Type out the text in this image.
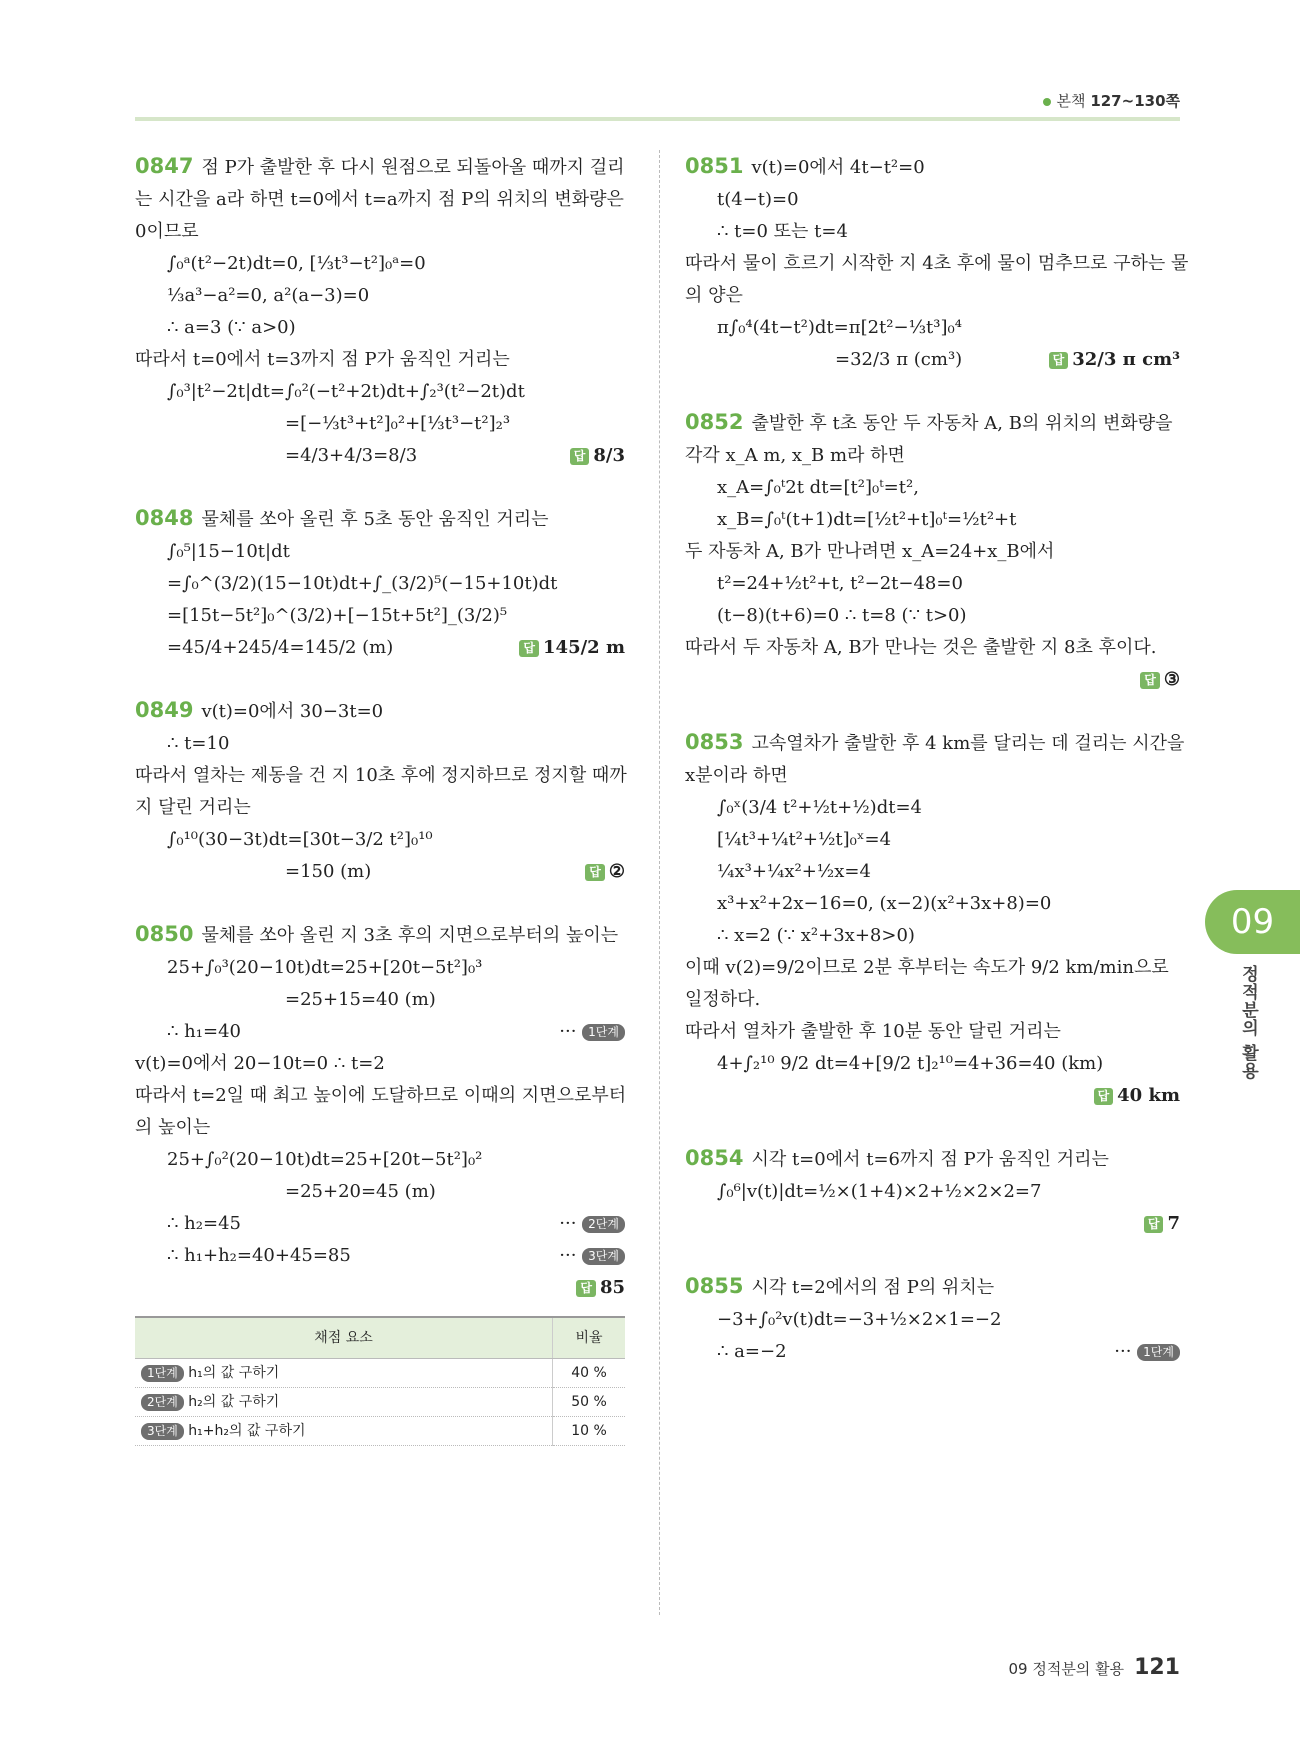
본책 127~130쪽

0847 점 P가 출발한 후 다시 원점으로 되돌아올 때까지 걸리

는 시간을 a라 하면 t=0에서 t=a까지 점 P의 위치의 변화량은

0이므로

∫₀ᵃ(t²−2t)dt=0, [⅓t³−t²]₀ᵃ=0

⅓a³−a²=0, a²(a−3)=0

∴ a=3 (∵ a>0)

따라서 t=0에서 t=3까지 점 P가 움직인 거리는

∫₀³|t²−2t|dt=∫₀²(−t²+2t)dt+∫₂³(t²−2t)dt

=[−⅓t³+t²]₀²+[⅓t³−t²]₂³

=4/3+4/3=8/3	답 8/3

0848 물체를 쏘아 올린 후 5초 동안 움직인 거리는

∫₀⁵|15−10t|dt

=∫₀^(3/2)(15−10t)dt+∫_(3/2)⁵(−15+10t)dt

=[15t−5t²]₀^(3/2)+[−15t+5t²]_(3/2)⁵

=45/4+245/4=145/2 (m)	답 145/2 m

0849 v(t)=0에서 30−3t=0

∴ t=10

따라서 열차는 제동을 건 지 10초 후에 정지하므로 정지할 때까

지 달린 거리는

∫₀¹⁰(30−3t)dt=[30t−3/2 t²]₀¹⁰

=150 (m)	답 ②

0850 물체를 쏘아 올린 지 3초 후의 지면으로부터의 높이는

25+∫₀³(20−10t)dt=25+[20t−5t²]₀³

=25+15=40 (m)

∴ h₁=40	··· 1단계

v(t)=0에서 20−10t=0 ∴ t=2

따라서 t=2일 때 최고 높이에 도달하므로 이때의 지면으로부터

의 높이는

25+∫₀²(20−10t)dt=25+[20t−5t²]₀²

=25+20=45 (m)

∴ h₂=45	··· 2단계

∴ h₁+h₂=40+45=85	··· 3단계

답 85

채점 요소	비율
1단계 h₁의 값 구하기	40 %
2단계 h₂의 값 구하기	50 %
3단계 h₁+h₂의 값 구하기	10 %

0851 v(t)=0에서 4t−t²=0

t(4−t)=0

∴ t=0 또는 t=4

따라서 물이 흐르기 시작한 지 4초 후에 물이 멈추므로 구하는 물

의 양은

π∫₀⁴(4t−t²)dt=π[2t²−⅓t³]₀⁴

=32/3 π (cm³)	답 32/3 π cm³

0852 출발한 후 t초 동안 두 자동차 A, B의 위치의 변화량을

각각 x_A m, x_B m라 하면

x_A=∫₀ᵗ2t dt=[t²]₀ᵗ=t²,

x_B=∫₀ᵗ(t+1)dt=[½t²+t]₀ᵗ=½t²+t

두 자동차 A, B가 만나려면 x_A=24+x_B에서

t²=24+½t²+t, t²−2t−48=0

(t−8)(t+6)=0 ∴ t=8 (∵ t>0)

따라서 두 자동차 A, B가 만나는 것은 출발한 지 8초 후이다.

답 ③

0853 고속열차가 출발한 후 4 km를 달리는 데 걸리는 시간을

x분이라 하면

∫₀ˣ(3/4 t²+½t+½)dt=4

[¼t³+¼t²+½t]₀ˣ=4

¼x³+¼x²+½x=4

x³+x²+2x−16=0, (x−2)(x²+3x+8)=0

∴ x=2 (∵ x²+3x+8>0)

이때 v(2)=9/2이므로 2분 후부터는 속도가 9/2 km/min으로

일정하다.

따라서 열차가 출발한 후 10분 동안 달린 거리는

4+∫₂¹⁰ 9/2 dt=4+[9/2 t]₂¹⁰=4+36=40 (km)

답 40 km

0854 시각 t=0에서 t=6까지 점 P가 움직인 거리는

∫₀⁶|v(t)|dt=½×(1+4)×2+½×2×2=7

답 7

0855 시각 t=2에서의 점 P의 위치는

−3+∫₀²v(t)dt=−3+½×2×1=−2

∴ a=−2	··· 1단계

09
정적분의 활용
09 정적분의 활용 121
